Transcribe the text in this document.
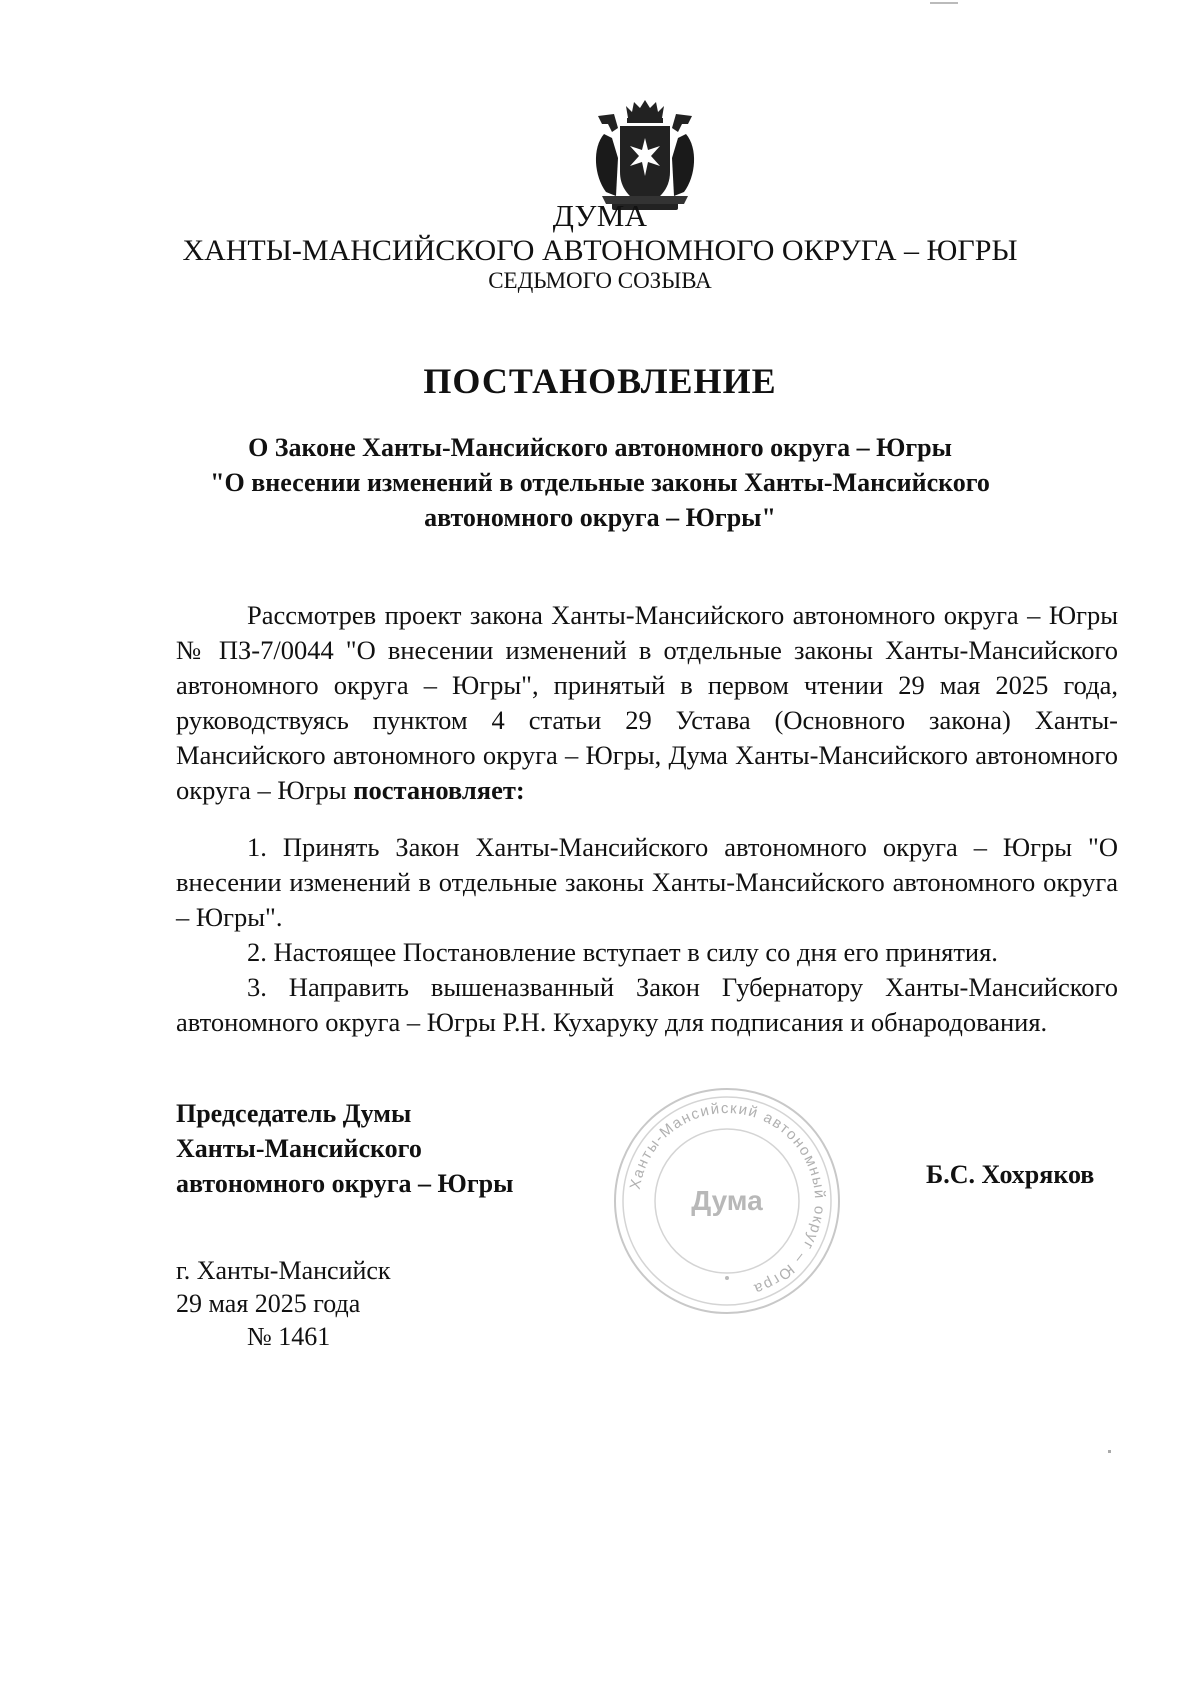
ДУМА
ХАНТЫ-МАНСИЙСКОГО АВТОНОМНОГО ОКРУГА – ЮГРЫ
СЕДЬМОГО СОЗЫВА
ПОСТАНОВЛЕНИЕ
О Законе Ханты-Мансийского автономного округа – Югры
"О внесении изменений в отдельные законы Ханты-Мансийского
автономного округа – Югры"

Рассмотрев проект закона Ханты-Мансийского автономного округа – Югры № ПЗ-7/0044 "О внесении изменений в отдельные законы Ханты-Мансийского автономного округа – Югры", принятый в первом чтении 29 мая 2025 года, руководствуясь пунктом 4 статьи 29 Устава (Основного закона) Ханты-Мансийского автономного округа – Югры, Дума Ханты-Мансийского автономного округа – Югры постановляет:

1. Принять Закон Ханты-Мансийского автономного округа – Югры "О внесении изменений в отдельные законы Ханты-Мансийского автономного округа – Югры".

2. Настоящее Постановление вступает в силу со дня его принятия.

3. Направить вышеназванный Закон Губернатору Ханты-Мансийского автономного округа – Югры Р.Н. Кухаруку для подписания и обнародования.

Председатель Думы
Ханты-Мансийского
автономного округа – Югры	Ханты-Мансийский автономный округ – Югра
Дума
Б.С. Хохряков
г. Ханты-Мансийск
29 мая 2025 года
№ 1461
